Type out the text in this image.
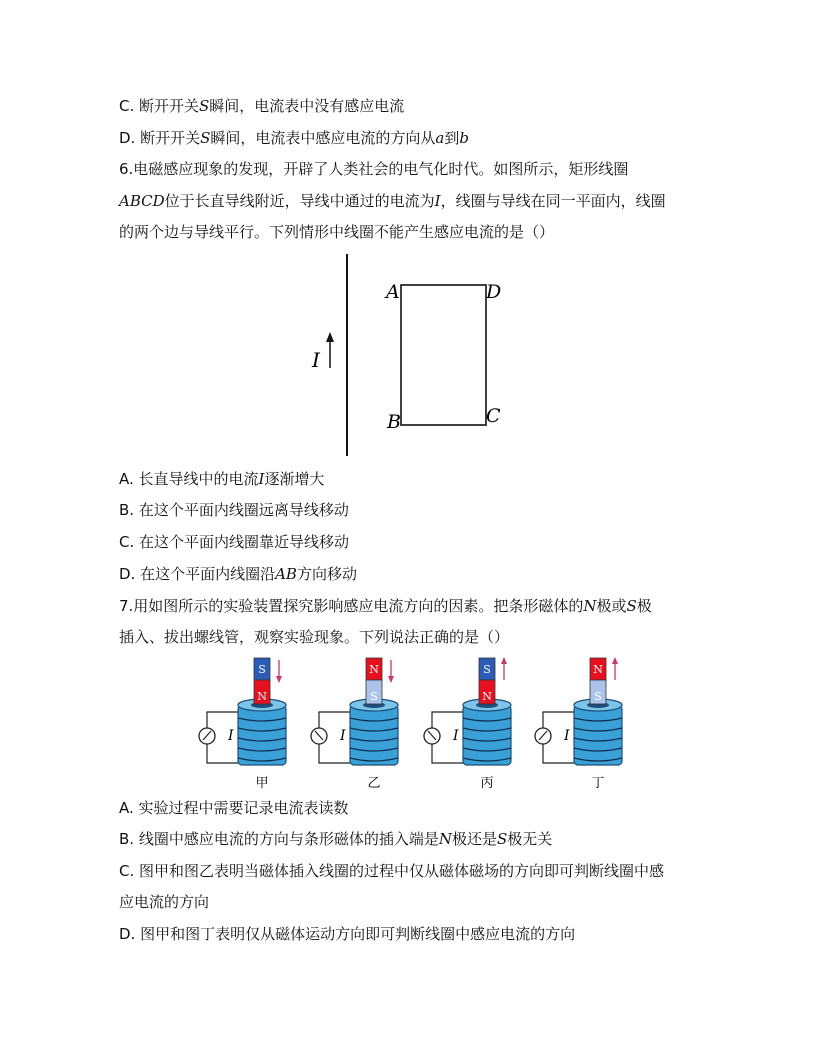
C. 断开开关S瞬间，电流表中没有感应电流
D. 断开开关S瞬间，电流表中感应电流的方向从a到b
6.电磁感应现象的发现，开辟了人类社会的电气化时代。如图所示，矩形线圈
ABCD位于长直导线附近，导线中通过的电流为I，线圈与导线在同一平面内，线圈
的两个边与导线平行。下列情形中线圈不能产生感应电流的是（）
I
A	D
B	C
A. 长直导线中的电流I逐渐增大
B. 在这个平面内线圈远离导线移动
C. 在这个平面内线圈靠近导线移动
D. 在这个平面内线圈沿AB方向移动
7.用如图所示的实验装置探究影响感应电流方向的因素。把条形磁体的N极或S极
插入、拔出螺线管，观察实验现象。下列说法正确的是（）
I
S
N
甲
I
N
S
乙
I
S
N
丙
I
N
S
丁
A. 实验过程中需要记录电流表读数
B. 线圈中感应电流的方向与条形磁体的插入端是N极还是S极无关
C. 图甲和图乙表明当磁体插入线圈的过程中仅从磁体磁场的方向即可判断线圈中感
应电流的方向
D. 图甲和图丁表明仅从磁体运动方向即可判断线圈中感应电流的方向
